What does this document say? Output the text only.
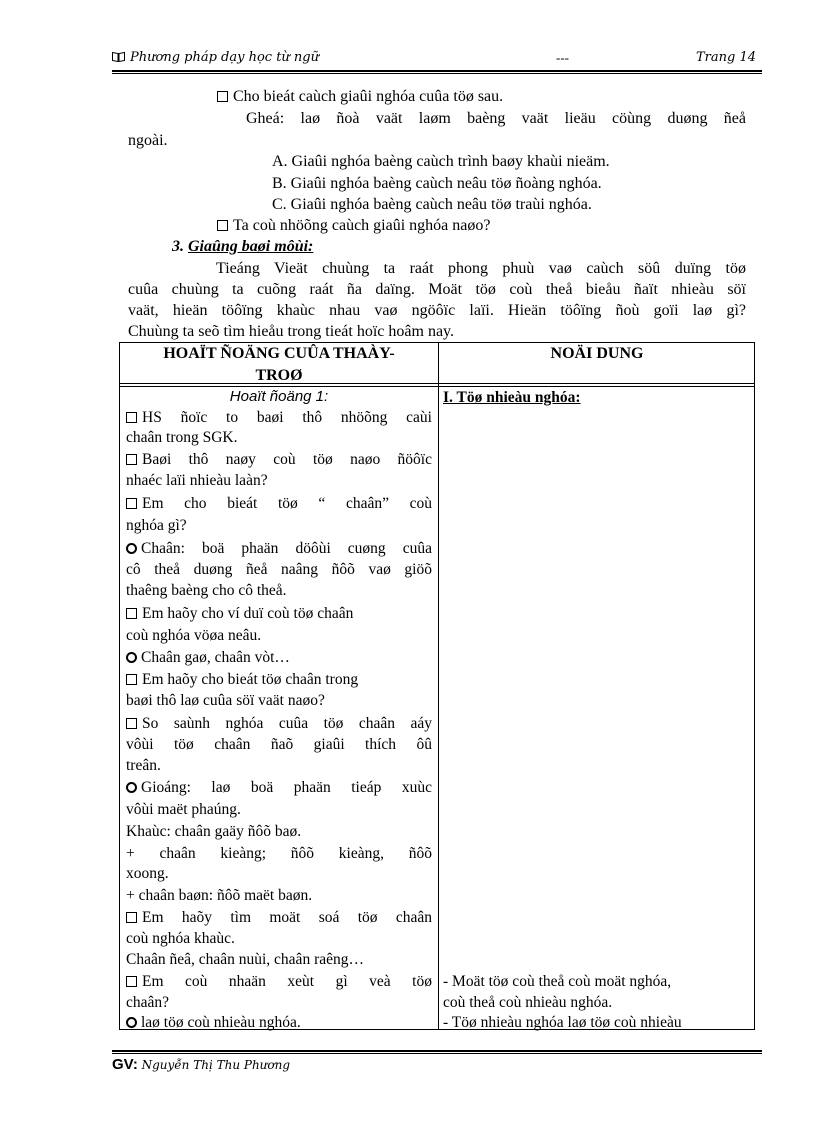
Phương pháp dạy học từ ngữ	---	Trang 14
Cho bieát caùch giaûi nghóa cuûa töø sau.
Gheá: laø ñoà vaät laøm baèng vaät lieäu cöùng duøng ñeå
ngoài.
A. Giaûi nghóa baèng caùch trình baøy khaùi nieäm.
B. Giaûi nghóa baèng caùch neâu töø ñoàng nghóa.
C. Giaûi nghóa baèng caùch neâu töø traùi nghóa.
Ta coù nhöõng caùch giaûi nghóa naøo?
3. Giaûng baøi môùi:
Tieáng Vieät chuùng ta raát phong phuù vaø caùch söû duïng töø
cuûa chuùng ta cuõng raát ña daïng. Moät töø coù theå bieåu ñaït nhieàu söï
vaät, hieän töôïng khaùc nhau vaø ngöôïc laïi. Hieän töôïng ñoù goïi laø gì?
Chuùng ta seõ tìm hieåu trong tieát hoïc hoâm nay.
HOAÏT ÑOÄNG CUÛA THAÀY-
TROØ
NOÄI DUNG
Hoaït ñoäng 1:
HS ñoïc to baøi thô nhöõng caùi
chaân trong SGK.
Baøi thô naøy coù töø naøo ñöôïc
nhaéc laïi nhieàu laàn?
Em cho bieát töø “ chaân” coù
nghóa gì?
Chaân: boä phaän döôùi cuøng cuûa
cô theå duøng ñeå naâng ñôõ vaø giöõ
thaêng baèng cho cô theå.
Em haõy cho ví duï coù töø chaân
coù nghóa vöøa neâu.
Chaân gaø, chaân vòt…
Em haõy cho bieát töø chaân trong
baøi thô laø cuûa söï vaät naøo?
So saùnh nghóa cuûa töø chaân aáy
vôùi töø chaân ñaõ giaûi thích ôû
treân.
Gioáng: laø boä phaän tieáp xuùc
vôùi maët phaúng.
Khaùc: chaân gaäy ñôõ baø.
+ chaân kieàng; ñôõ kieàng, ñôõ
xoong.
+ chaân baøn: ñôõ maët baøn.
Em haõy tìm moät soá töø chaân
coù nghóa khaùc.
Chaân ñeâ, chaân nuùi, chaân raêng…
Em coù nhaän xeùt gì veà töø
chaân?
laø töø coù nhieàu nghóa.
I. Töø nhieàu nghóa:
- Moät töø coù theå coù moät nghóa,
coù theå coù nhieàu nghóa.
- Töø nhieàu nghóa laø töø coù nhieàu
GV: Nguyễn Thị Thu Phương
